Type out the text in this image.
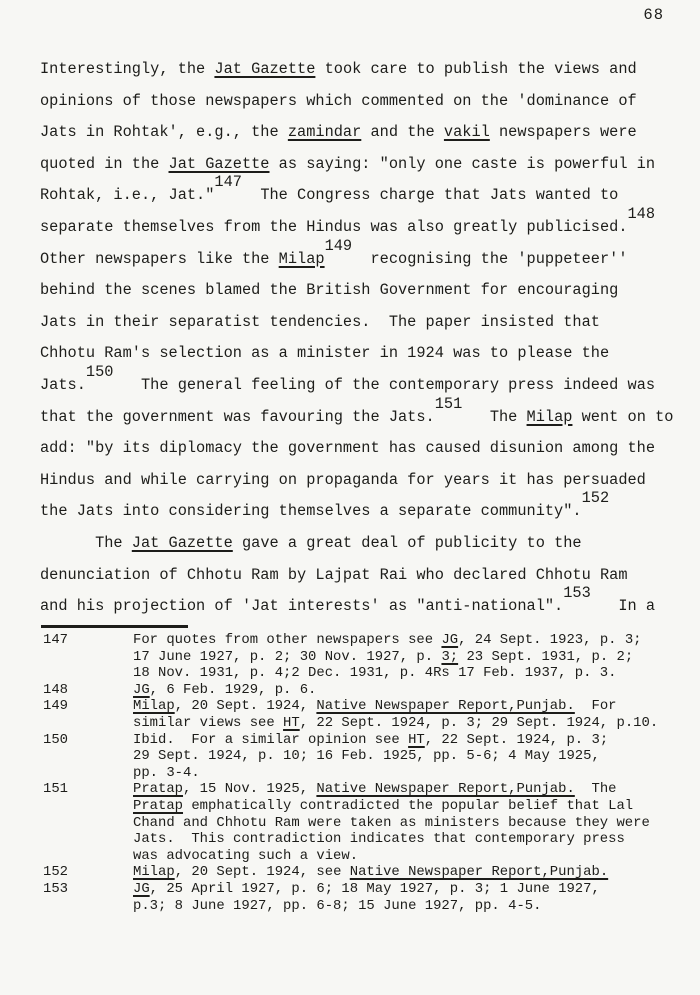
68
Interestingly, the Jat Gazette took care to publish the views and
opinions of those newspapers which commented on the 'dominance of
Jats in Rohtak', e.g., the zamindar and the vakil newspapers were
quoted in the Jat Gazette as saying: "only one caste is powerful in
Rohtak, i.e., Jat."147  The Congress charge that Jats wanted to
separate themselves from the Hindus was also greatly publicised.148
Other newspapers like the Milap149  recognising the 'puppeteer''
behind the scenes blamed the British Government for encouraging
Jats in their separatist tendencies.  The paper insisted that
Chhotu Ram's selection as a minister in 1924 was to please the
Jats.150   The general feeling of the contemporary press indeed was
that the government was favouring the Jats.151   The Milap went on to
add: "by its diplomacy the government has caused disunion among the
Hindus and while carrying on propaganda for years it has persuaded
the Jats into considering themselves a separate community".152
The Jat Gazette gave a great deal of publicity to the
denunciation of Chhotu Ram by Lajpat Rai who declared Chhotu Ram
and his projection of 'Jat interests' as "anti-national".153   In a
147	For quotes from other newspapers see JG, 24 Sept. 1923, p. 3;
17 June 1927, p. 2; 30 Nov. 1927, p. 3; 23 Sept. 1931, p. 2;
18 Nov. 1931, p. 4;2 Dec. 1931, p. 4Rs 17 Feb. 1937, p. 3.
148	JG, 6 Feb. 1929, p. 6.
149	Milap, 20 Sept. 1924, Native Newspaper Report,Punjab.  For
similar views see HT, 22 Sept. 1924, p. 3; 29 Sept. 1924, p.10.
150	Ibid.  For a similar opinion see HT, 22 Sept. 1924, p. 3;
29 Sept. 1924, p. 10; 16 Feb. 1925, pp. 5-6; 4 May 1925,
pp. 3-4.
151	Pratap, 15 Nov. 1925, Native Newspaper Report,Punjab.  The
Pratap emphatically contradicted the popular belief that Lal
Chand and Chhotu Ram were taken as ministers because they were
Jats.  This contradiction indicates that contemporary press
was advocating such a view.
152	Milap, 20 Sept. 1924, see Native Newspaper Report,Punjab.
153	JG, 25 April 1927, p. 6; 18 May 1927, p. 3; 1 June 1927,
p.3; 8 June 1927, pp. 6-8; 15 June 1927, pp. 4-5.
